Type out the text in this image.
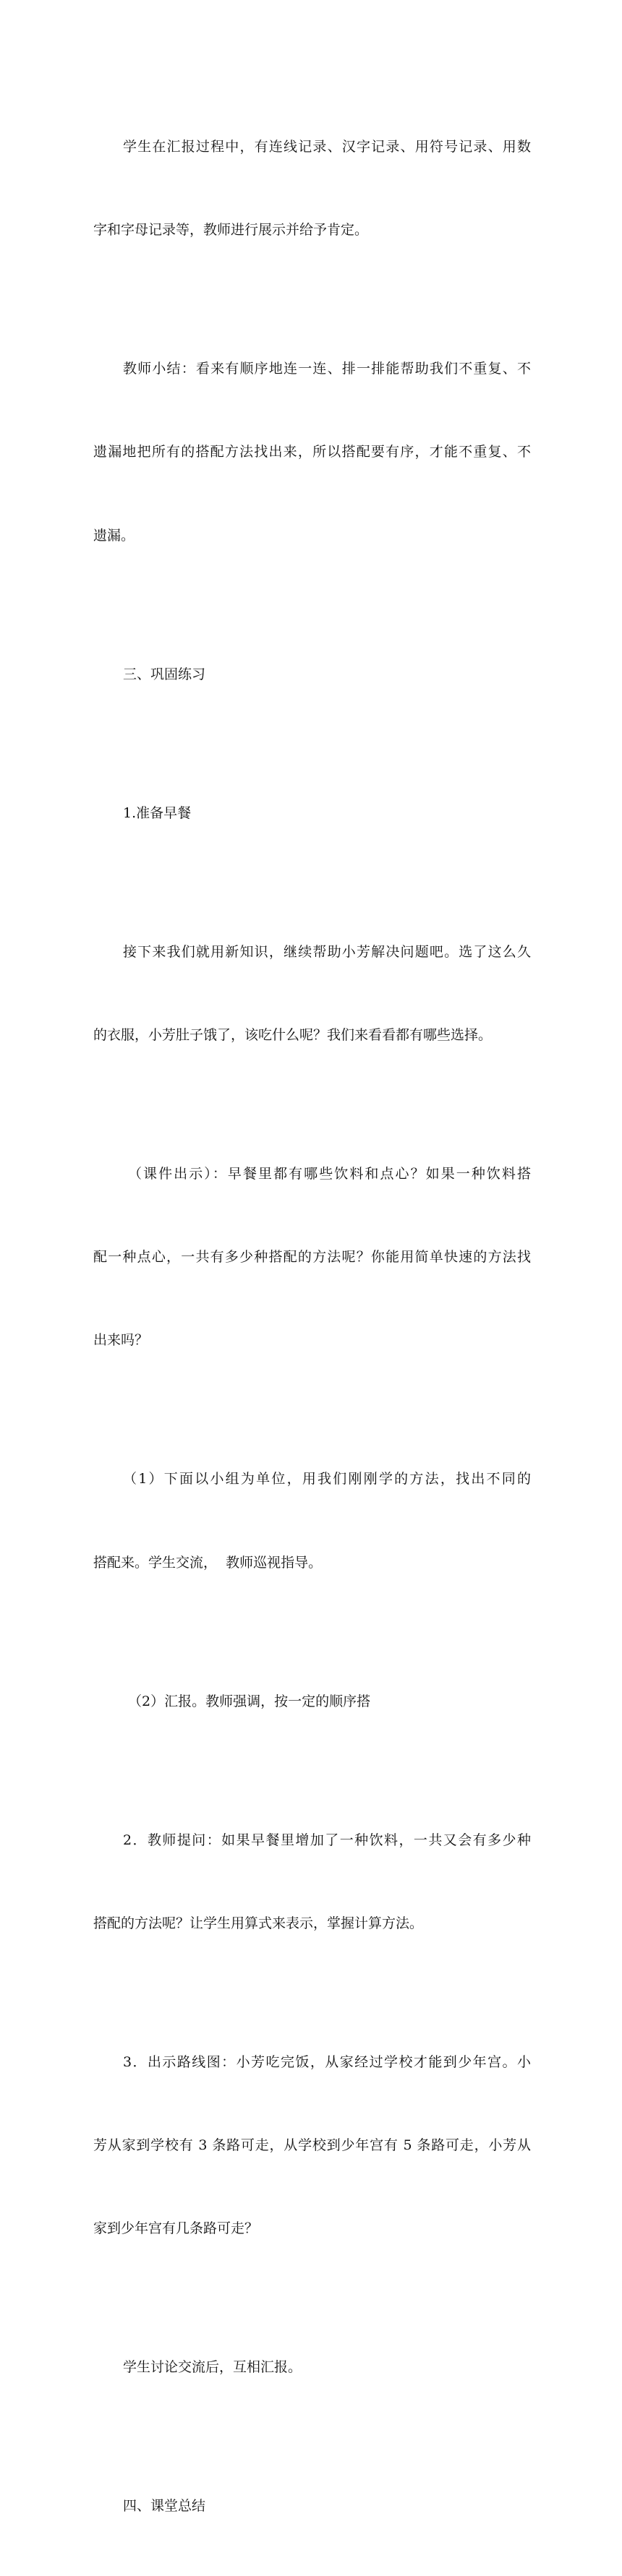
学生在汇报过程中，有连线记录、汉字记录、用符号记录、用数

字和字母记录等，教师进行展示并给予肯定。

教师小结：看来有顺序地连一连、排一排能帮助我们不重复、不

遗漏地把所有的搭配方法找出来，所以搭配要有序，才能不重复、不

遗漏。

三、巩固练习

1.准备早餐

接下来我们就用新知识，继续帮助小芳解决问题吧。选了这么久

的衣服，小芳肚子饿了，该吃什么呢？我们来看看都有哪些选择。

（课件出示）：早餐里都有哪些饮料和点心？如果一种饮料搭

配一种点心，一共有多少种搭配的方法呢？你能用简单快速的方法找

出来吗？

（1）下面以小组为单位，用我们刚刚学的方法，找出不同的

搭配来。学生交流，  教师巡视指导。

（2）汇报。教师强调，按一定的顺序搭

2．教师提问：如果早餐里增加了一种饮料，一共又会有多少种

搭配的方法呢？让学生用算式来表示，掌握计算方法。

3．出示路线图：小芳吃完饭，从家经过学校才能到少年宫。小

芳从家到学校有 3 条路可走，从学校到少年宫有 5 条路可走，小芳从

家到少年宫有几条路可走？

学生讨论交流后，互相汇报。

四、课堂总结
